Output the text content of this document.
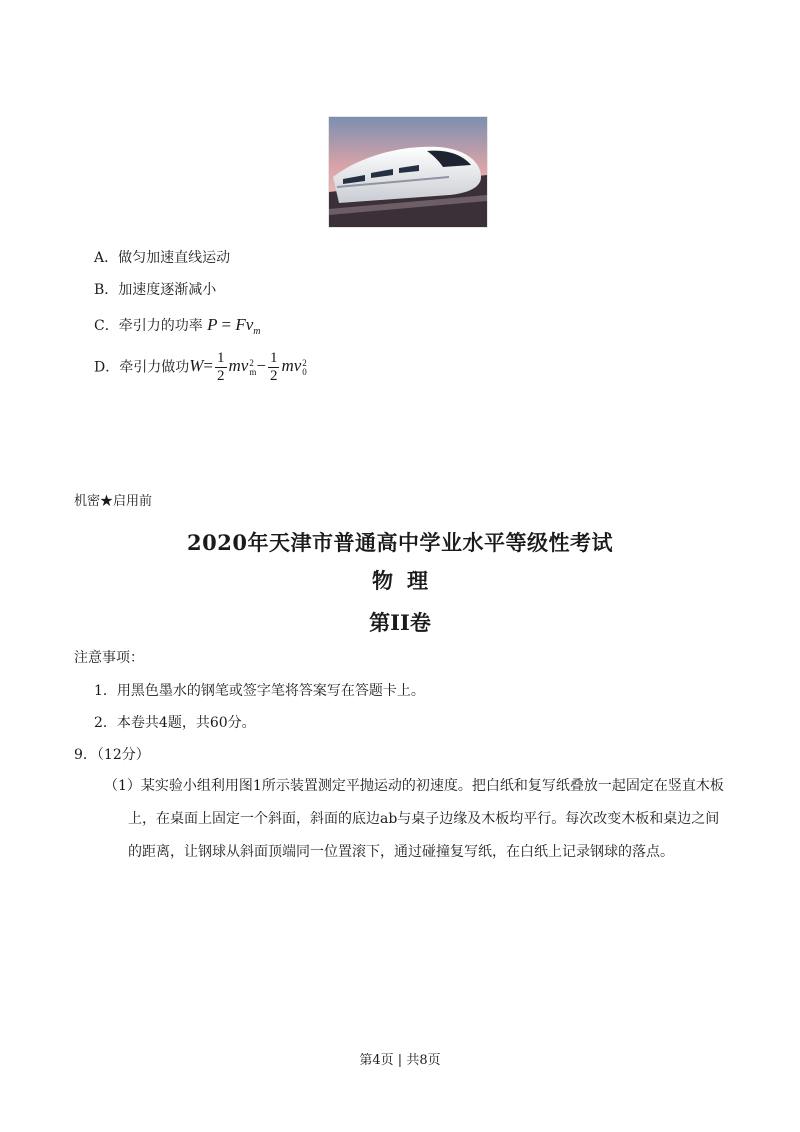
A．做匀加速直线运动
B．加速度逐渐减小
C．牵引力的功率 $P = Fv_m$
D．牵引力做功$W= \frac{1}{2}$ mv 2
$m - \frac{1}{2}$ mv 2
0
机密★启用前
2020年天津市普通高中学业水平等级性考试
物理
第II卷
注意事项：
1．用黑色墨水的钢笔或签字笔将答案写在答题卡上。
2．本卷共4题，共60分。
9．（12分）
（1）某实验小组利用图1所示装置测定平抛运动的初速度。把白纸和复写纸叠放一起固定在竖直木板
上，在桌面上固定一个斜面，斜面的底边ab与桌子边缘及木板均平行。每次改变木板和桌边之间的距离，让钢球从斜面顶端同一位置滚下，通过碰撞复写纸，在白纸上记录钢球的落点。
第4页 | 共8页
